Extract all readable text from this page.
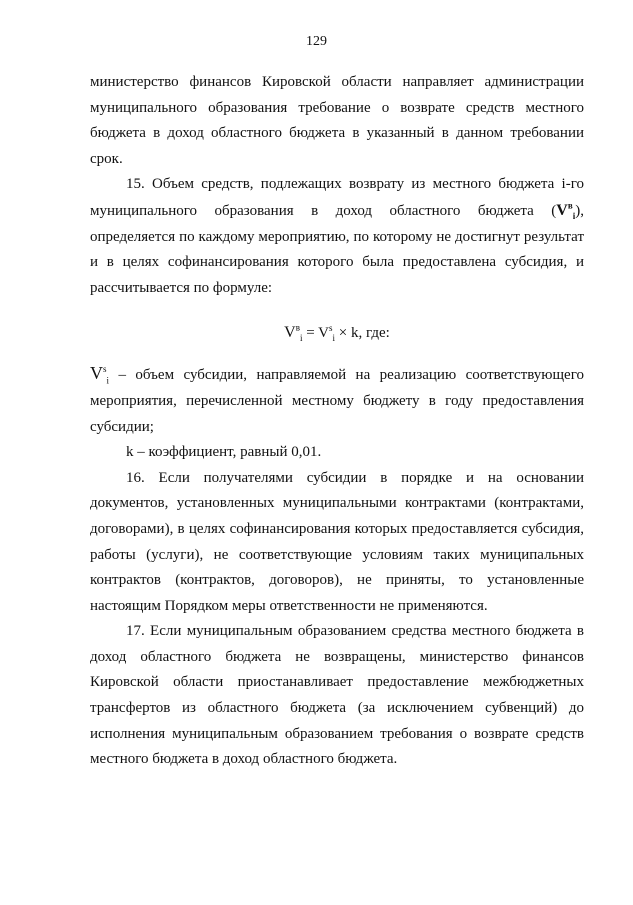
129

министерство финансов Кировской области направляет администрации муниципального образования требование о возврате средств местного бюджета в доход областного бюджета в указанный в данном требовании срок.

15. Объем средств, подлежащих возврату из местного бюджета i-го муниципального образования в доход областного бюджета $(V^в_i)$, определяется по каждому мероприятию, по которому не достигнут результат и в целях софинансирования которого была предоставлена субсидия, и рассчитывается по формуле:

$V^в_i = V^s_i \times k$, где:

$V^s_i$ – объем субсидии, направляемой на реализацию соответствующего мероприятия, перечисленной местному бюджету в году предоставления субсидии;

k – коэффициент, равный 0,01.

16. Если получателями субсидии в порядке и на основании документов, установленных муниципальными контрактами (контрактами, договорами), в целях софинансирования которых предоставляется субсидия, работы (услуги), не соответствующие условиям таких муниципальных контрактов (контрактов, договоров), не приняты, то установленные настоящим Порядком меры ответственности не применяются.

17. Если муниципальным образованием средства местного бюджета в доход областного бюджета не возвращены, министерство финансов Кировской области приостанавливает предоставление межбюджетных трансфертов из областного бюджета (за исключением субвенций) до исполнения муниципальным образованием требования о возврате средств местного бюджета в доход областного бюджета.
